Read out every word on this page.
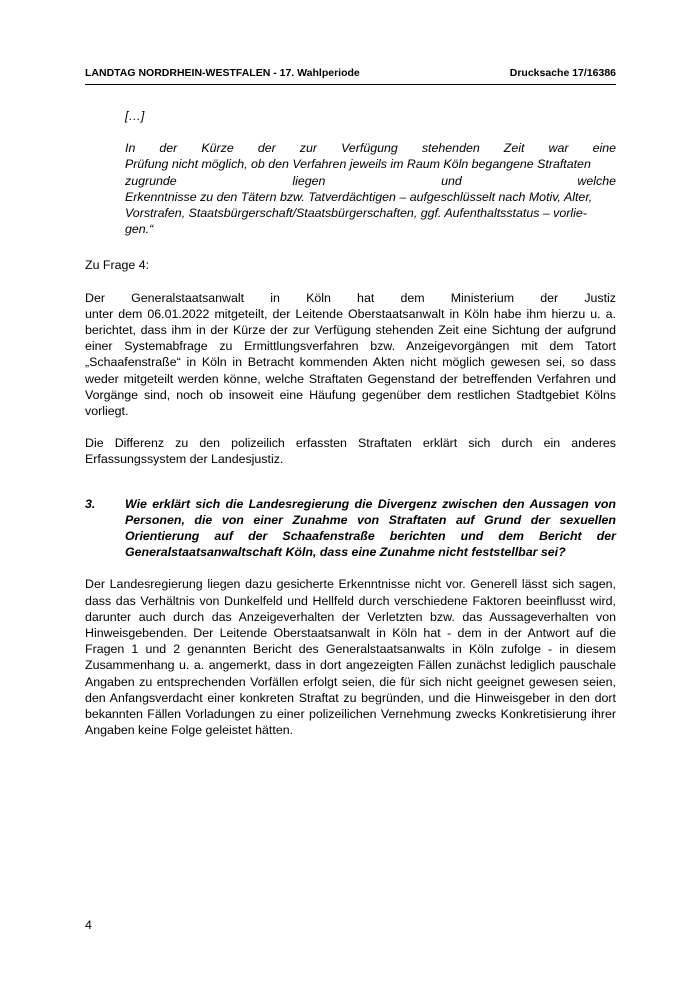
LANDTAG NORDRHEIN-WESTFALEN - 17. Wahlperiode	Drucksache 17/16386

[…]

In der Kürze der zur Verfügung stehenden Zeit war eine
Prüfung nicht möglich, ob den Verfahren jeweils im Raum Köln begangene Straftaten
zugrunde liegen und welche
Erkenntnisse zu den Tätern bzw. Tatverdächtigen – aufgeschlüsselt nach Motiv, Alter,
Vorstrafen, Staatsbürgerschaft/Staatsbürgerschaften, ggf. Aufenthaltsstatus – vorlie-
gen.“

Zu Frage 4:

Der Generalstaatsanwalt in Köln hat dem Ministerium der Justiz
unter dem 06.01.2022 mitgeteilt, der Leitende Oberstaatsanwalt in Köln habe ihm hierzu u. a. berichtet, dass ihm in der Kürze der zur Verfügung stehenden Zeit eine Sichtung der aufgrund einer Systemabfrage zu Ermittlungsverfahren bzw. Anzeigevorgängen mit dem Tatort „Schaafenstraße“ in Köln in Betracht kommenden Akten nicht möglich gewesen sei, so dass weder mitgeteilt werden könne, welche Straftaten Gegenstand der betreffenden Verfahren und Vorgänge sind, noch ob insoweit eine Häufung gegenüber dem restlichen Stadtgebiet Kölns vorliegt.

Die Differenz zu den polizeilich erfassten Straftaten erklärt sich durch ein anderes Erfassungssystem der Landesjustiz.

3.	Wie erklärt sich die Landesregierung die Divergenz zwischen den Aussagen von Personen, die von einer Zunahme von Straftaten auf Grund der sexuellen Orientierung auf der Schaafenstraße berichten und dem Bericht der Generalstaatsanwaltschaft Köln, dass eine Zunahme nicht feststellbar sei?

Der Landesregierung liegen dazu gesicherte Erkenntnisse nicht vor. Generell lässt sich sagen, dass das Verhältnis von Dunkelfeld und Hellfeld durch verschiedene Faktoren beeinflusst wird, darunter auch durch das Anzeigeverhalten der Verletzten bzw. das Aussageverhalten von Hinweisgebenden. Der Leitende Oberstaatsanwalt in Köln hat - dem in der Antwort auf die Fragen 1 und 2 genannten Bericht des Generalstaatsanwalts in Köln zufolge - in diesem Zusammenhang u. a. angemerkt, dass in dort angezeigten Fällen zunächst lediglich pauschale Angaben zu entsprechenden Vorfällen erfolgt seien, die für sich nicht geeignet gewesen seien, den Anfangsverdacht einer konkreten Straftat zu begründen, und die Hinweisgeber in den dort bekannten Fällen Vorladungen zu einer polizeilichen Vernehmung zwecks Konkretisierung ihrer Angaben keine Folge geleistet hätten.

4
